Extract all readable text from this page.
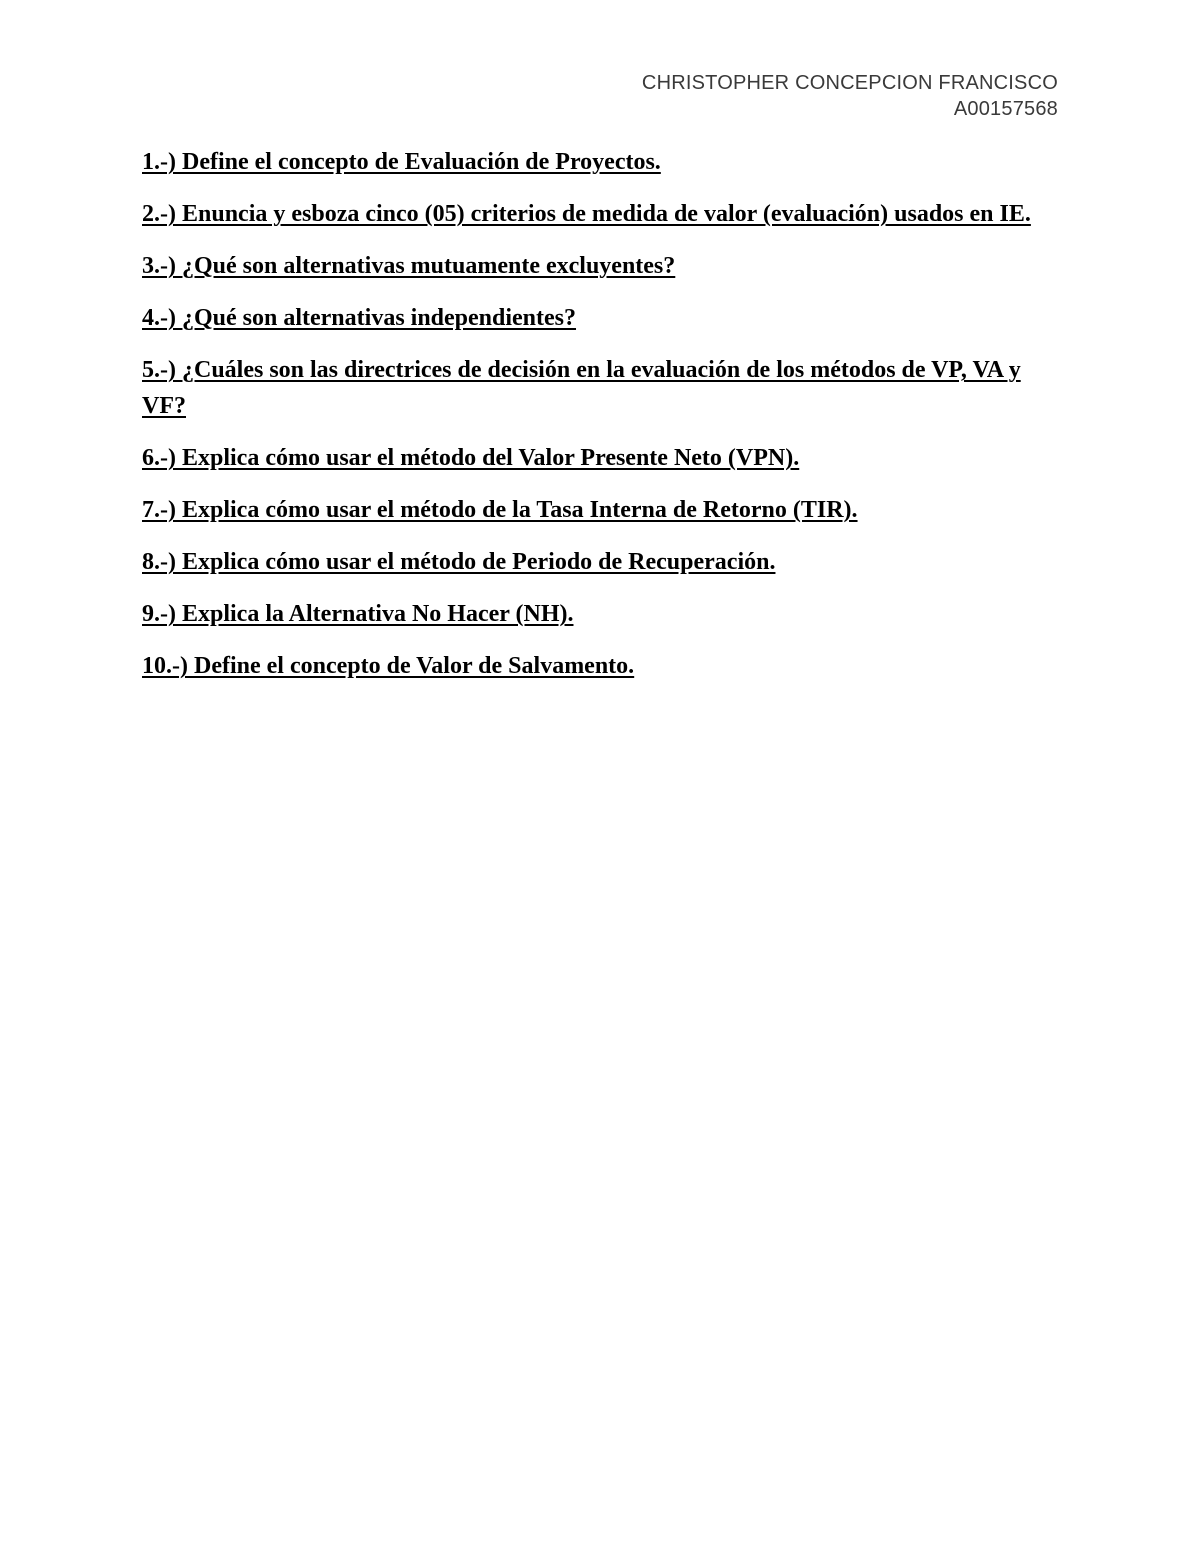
CHRISTOPHER CONCEPCION FRANCISCO
A00157568
1.-) Define el concepto de Evaluación de Proyectos.
2.-) Enuncia y esboza cinco (05) criterios de medida de valor (evaluación) usados en IE.
3.-) ¿Qué son alternativas mutuamente excluyentes?
4.-) ¿Qué son alternativas independientes?
5.-) ¿Cuáles son las directrices de decisión en la evaluación de los métodos de VP, VA y VF?
6.-) Explica cómo usar el método del Valor Presente Neto (VPN).
7.-) Explica cómo usar el método de la Tasa Interna de Retorno (TIR).
8.-) Explica cómo usar el método de Periodo de Recuperación.
9.-) Explica la Alternativa No Hacer (NH).
10.-) Define el concepto de Valor de Salvamento.
